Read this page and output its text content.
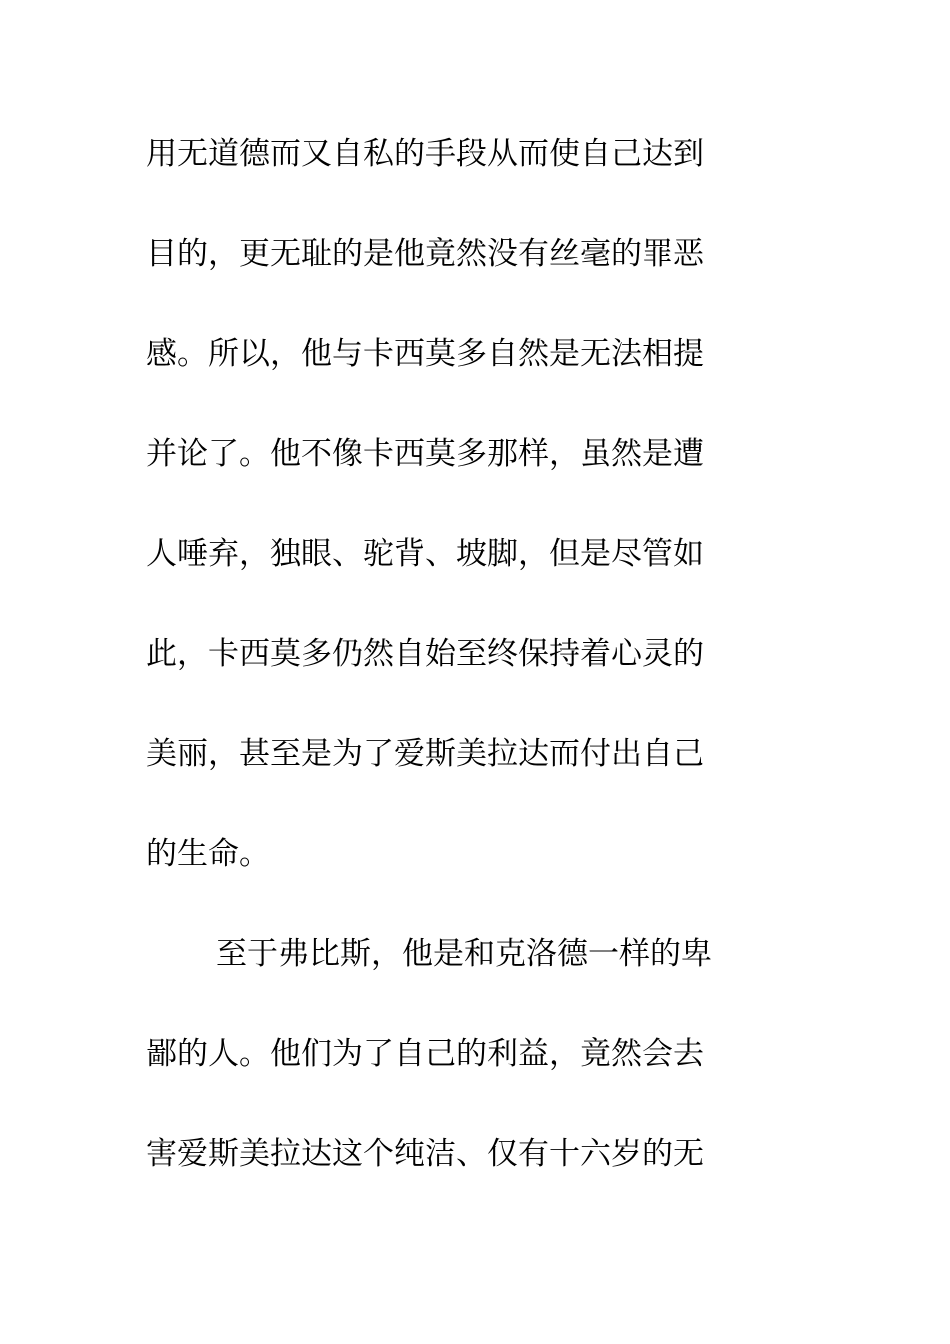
用无道德而又自私的手段从而使自己达到
目的，更无耻的是他竟然没有丝毫的罪恶
感。所以，他与卡西莫多自然是无法相提
并论了。他不像卡西莫多那样，虽然是遭
人唾弃，独眼、驼背、坡脚，但是尽管如
此，卡西莫多仍然自始至终保持着心灵的
美丽，甚至是为了爱斯美拉达而付出自己
的生命。
至于弗比斯，他是和克洛德一样的卑
鄙的人。他们为了自己的利益，竟然会去
害爱斯美拉达这个纯洁、仅有十六岁的无
